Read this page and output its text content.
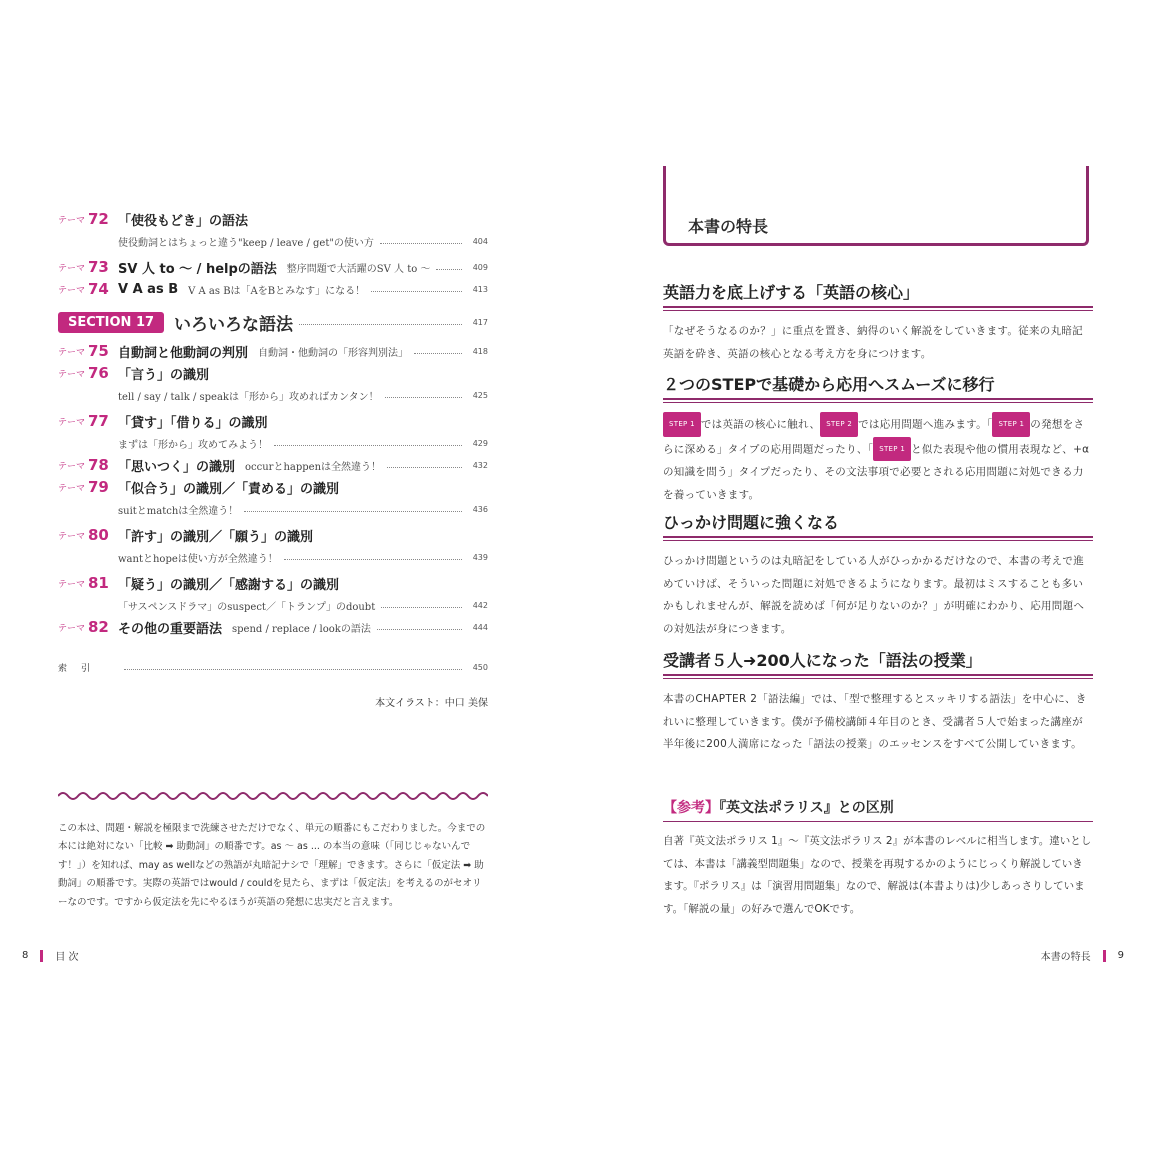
テーマ 72 「使役もどき」の語法
使役動詞とはちょっと違う"keep / leave / get"の使い方	404
テーマ 73 SV 人 to ～ / helpの語法 整序問題で大活躍のSV 人 to ～	409
テーマ 74 V A as B V A as Bは「AをBとみなす」になる！	413
SECTION 17	いろいろな語法	417
テーマ 75 自動詞と他動詞の判別 自動詞・他動詞の「形容判別法」	418
テーマ 76 「言う」の識別
tell / say / talk / speakは「形から」攻めればカンタン！	425
テーマ 77 「貸す」「借りる」の識別
まずは「形から」攻めてみよう！	429
テーマ 78 「思いつく」の識別 occurとhappenは全然違う！	432
テーマ 79 「似合う」の識別／「責める」の識別
suitとmatchは全然違う！	436
テーマ 80 「許す」の識別／「願う」の識別
wantとhopeは使い方が全然違う！	439
テーマ 81 「疑う」の識別／「感謝する」の識別
「サスペンスドラマ」のsuspect／「トランプ」のdoubt	442
テーマ 82 その他の重要語法 spend / replace / lookの語法	444
索引	450
本文イラスト：中口 美保

この本は、問題・解説を極限まで洗練させただけでなく、単元の順番にもこだわりました。今までの本には絶対にない「比較 ➡ 助動詞」の順番です。as ～ as ... の本当の意味（「同じじゃないんです！」）を知れば、may as wellなどの熟語が丸暗記ナシで「理解」できます。さらに「仮定法 ➡ 助動詞」の順番です。実際の英語ではwould / couldを見たら、まずは「仮定法」を考えるのがセオリーなのです。ですから仮定法を先にやるほうが英語の発想に忠実だと言えます。

8	目 次
本書の特長
英語力を底上げする「英語の核心」

「なぜそうなるのか？」に重点を置き、納得のいく解説をしていきます。従来の丸暗記英語を砕き、英語の核心となる考え方を身につけます。

２つのSTEPで基礎から応用へスムーズに移行

STEP 1 では英語の核心に触れ、 STEP 2 では応用問題へ進みます。「 STEP 1 の発想をさらに深める」タイプの応用問題だったり、「 STEP 1 と似た表現や他の慣用表現など、+αの知識を問う」タイプだったり、その文法事項で必要とされる応用問題に対処できる力を養っていきます。

ひっかけ問題に強くなる

ひっかけ問題というのは丸暗記をしている人がひっかかるだけなので、本書の考えで進めていけば、そういった問題に対処できるようになります。最初はミスすることも多いかもしれませんが、解説を読めば「何が足りないのか？」が明確にわかり、応用問題への対処法が身につきます。

受講者５人➜200人になった「語法の授業」

本書のCHAPTER 2「語法編」では、「型で整理するとスッキリする語法」を中心に、きれいに整理していきます。僕が予備校講師４年目のとき、受講者５人で始まった講座が半年後に200人満席になった「語法の授業」のエッセンスをすべて公開していきます。

【参考】『英文法ポラリス』との区別

自著『英文法ポラリス 1』～『英文法ポラリス 2』が本書のレベルに相当します。違いとしては、本書は「講義型問題集」なので、授業を再現するかのようにじっくり解説していきます。『ポラリス』は「演習用問題集」なので、解説は(本書よりは)少しあっさりしています。「解説の量」の好みで選んでOKです。

本書の特長	9
